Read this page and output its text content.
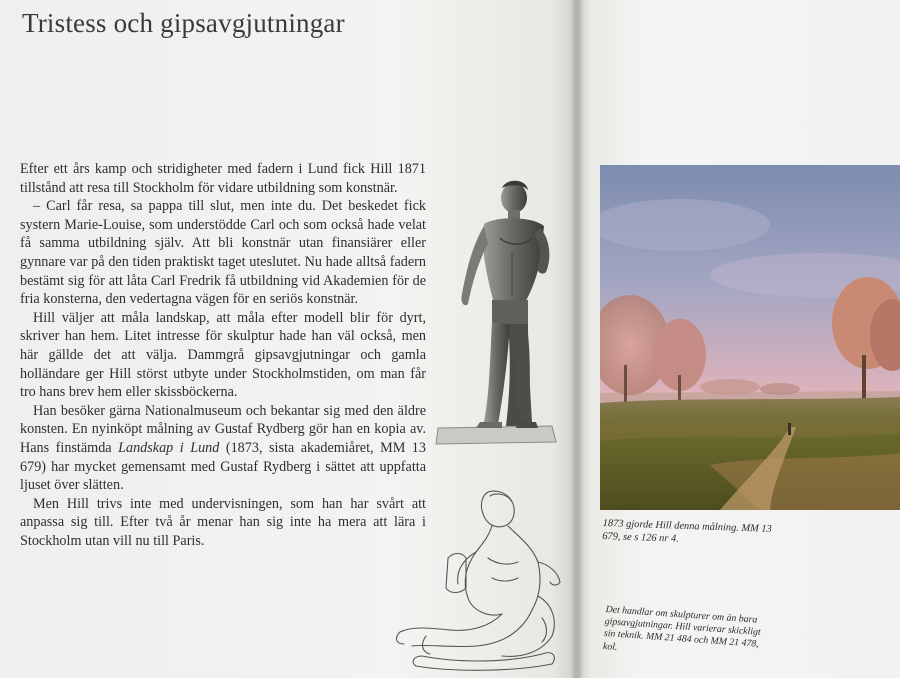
Tristess och gipsavgjutningar

Efter ett års kamp och stridigheter med fadern i Lund fick Hill 1871 tillstånd att resa till Stockholm för vidare utbildning som konstnär.

– Carl får resa, sa pappa till slut, men inte du. Det beskedet fick systern Marie-Louise, som understödde Carl och som också hade velat få samma utbildning själv. Att bli konstnär utan finansiärer eller gynnare var på den tiden praktiskt taget uteslutet. Nu hade alltså fadern bestämt sig för att låta Carl Fredrik få utbildning vid Akademien för de fria konsterna, den vedertagna vägen för en seriös konstnär.

Hill väljer att måla landskap, att måla efter modell blir för dyrt, skriver han hem. Litet intresse för skulptur hade han väl också, men här gällde det att välja. Dammgrå gipsavgjutningar och gamla holländare ger Hill störst utbyte under Stockholmstiden, om man får tro hans brev hem eller skissböckerna.

Han besöker gärna Nationalmuseum och bekantar sig med den äldre konsten. En nyinköpt målning av Gustaf Rydberg gör han en kopia av. Hans finstämda Landskap i Lund (1873, sista akademiåret, MM 13 679) har mycket gemensamt med Gustaf Rydberg i sättet att uppfatta ljuset över slätten.

Men Hill trivs inte med undervisningen, som han har svårt att anpassa sig till. Efter två år menar han sig inte ha mera att lära i Stockholm utan vill nu till Paris.

1873 gjorde Hill denna målning. MM 13 679, se s 126 nr 4.
Det handlar om skulpturer om än bara gipsavgjutningar. Hill varierar skickligt sin teknik. MM 21 484 och MM 21 478, kol.
